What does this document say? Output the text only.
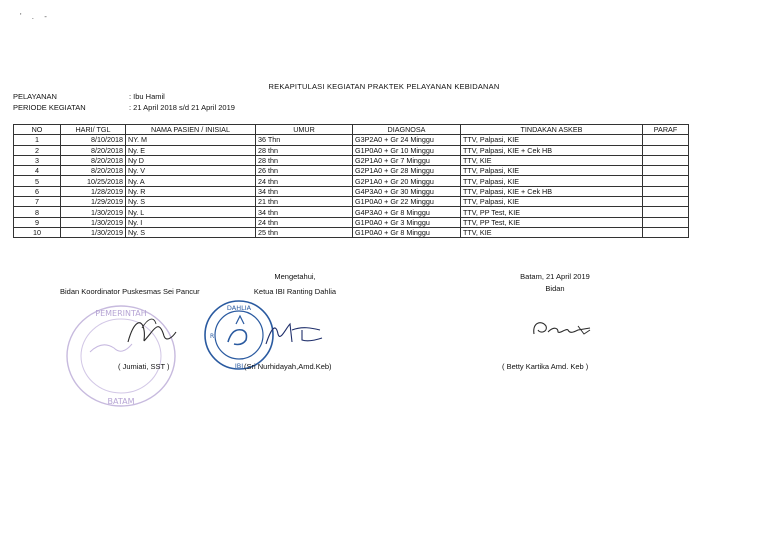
' . -
REKAPITULASI KEGIATAN PRAKTEK PELAYANAN KEBIDANAN
PELAYANAN	: Ibu Hamil
PERIODE KEGIATAN	: 21 April 2018 s/d 21 April 2019
NO	HARI/ TGL	NAMA PASIEN / INISIAL	UMUR	DIAGNOSA	TINDAKAN ASKEB	PARAF
1	8/10/2018	NY. M	36 Thn	G3P2A0 + Gr 24 Minggu	TTV, Palpasi, KIE	
2	8/20/2018	Ny. E	28 thn	G1P0A0 + Gr 10 Minggu	TTV, Palpasi, KIE + Cek HB	
3	8/20/2018	Ny D	28 thn	G2P1A0 + Gr 7 Minggu	TTV, KIE	
4	8/20/2018	Ny. V	26 thn	G2P1A0 + Gr 28 Minggu	TTV, Palpasi, KIE	
5	10/25/2018	Ny. A	24 thn	G2P1A0 + Gr 20 Minggu	TTV, Palpasi, KIE	
6	1/28/2019	Ny. R	34 thn	G4P3A0 + Gr 30 Minggu	TTV, Palpasi, KIE + Cek HB	
7	1/29/2019	Ny. S	21 thn	G1P0A0 + Gr 22 Minggu	TTV, Palpasi, KIE	
8	1/30/2019	Ny. L	34 thn	G4P3A0 + Gr 8 Minggu	TTV, PP Test, KIE	
9	1/30/2019	Ny. I	24 thn	G1P0A0 + Gr 3 Minggu	TTV, PP Test, KIE	
10	1/30/2019	Ny. S	25 thn	G1P0A0 + Gr 8 Minggu	TTV, KIE	
PEMERINTAH
BATAM
DAHLIA
R
IBI
Bidan Koordinator Puskesmas Sei Pancur
( Jumiati, SST )
Mengetahui,
Ketua IBI Ranting Dahlia
(Sri Nurhidayah,Amd.Keb)
Batam, 21 April 2019
Bidan
( Betty Kartika Amd. Keb )
